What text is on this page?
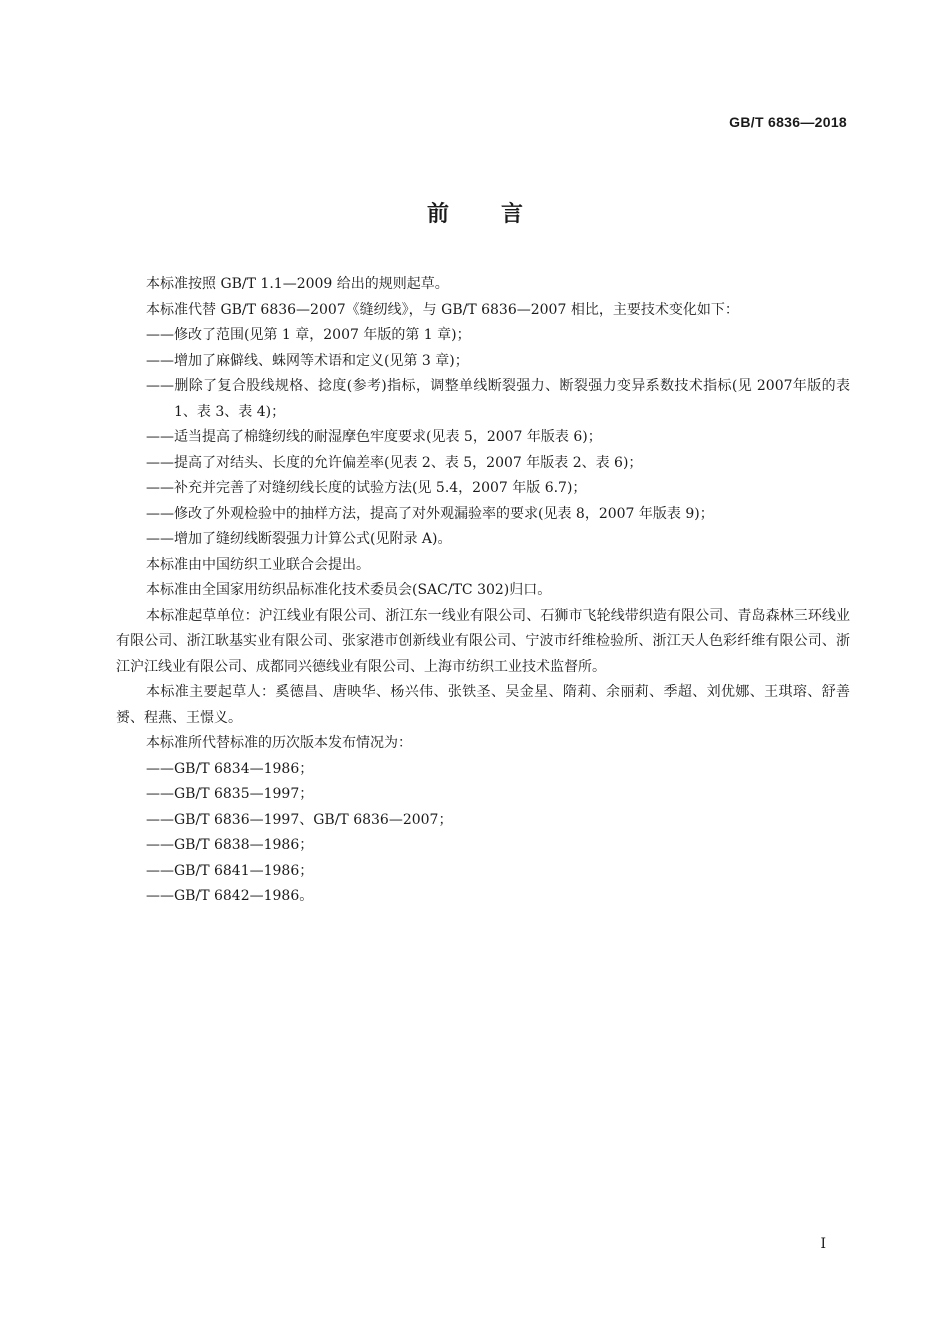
GB/T 6836—2018
前言

本标准按照 GB/T 1.1—2009 给出的规则起草。

本标准代替 GB/T 6836—2007《缝纫线》，与 GB/T 6836—2007 相比，主要技术变化如下：

——修改了范围(见第 1 章，2007 年版的第 1 章)；

——增加了麻僻线、蛛网等术语和定义(见第 3 章)；

——删除了复合股线规格、捻度(参考)指标，调整单线断裂强力、断裂强力变异系数技术指标(见 2007年版的表 1、表 3、表 4)；

——适当提高了棉缝纫线的耐湿摩色牢度要求(见表 5，2007 年版表 6)；

——提高了对结头、长度的允许偏差率(见表 2、表 5，2007 年版表 2、表 6)；

——补充并完善了对缝纫线长度的试验方法(见 5.4，2007 年版 6.7)；

——修改了外观检验中的抽样方法，提高了对外观漏验率的要求(见表 8，2007 年版表 9)；

——增加了缝纫线断裂强力计算公式(见附录 A)。

本标准由中国纺织工业联合会提出。

本标准由全国家用纺织品标准化技术委员会(SAC/TC 302)归口。

本标准起草单位：沪江线业有限公司、浙江东一线业有限公司、石狮市飞轮线带织造有限公司、青岛森林三环线业有限公司、浙江耿基实业有限公司、张家港市创新线业有限公司、宁波市纤维检验所、浙江天人色彩纤维有限公司、浙江沪江线业有限公司、成都同兴德线业有限公司、上海市纺织工业技术监督所。

本标准主要起草人：奚德昌、唐映华、杨兴伟、张铁圣、吴金星、隋莉、余丽莉、季超、刘优娜、王琪瑢、舒善赟、程燕、王憬义。

本标准所代替标准的历次版本发布情况为：

——GB/T 6834—1986；

——GB/T 6835—1997；

——GB/T 6836—1997、GB/T 6836—2007；

——GB/T 6838—1986；

——GB/T 6841—1986；

——GB/T 6842—1986。

I
